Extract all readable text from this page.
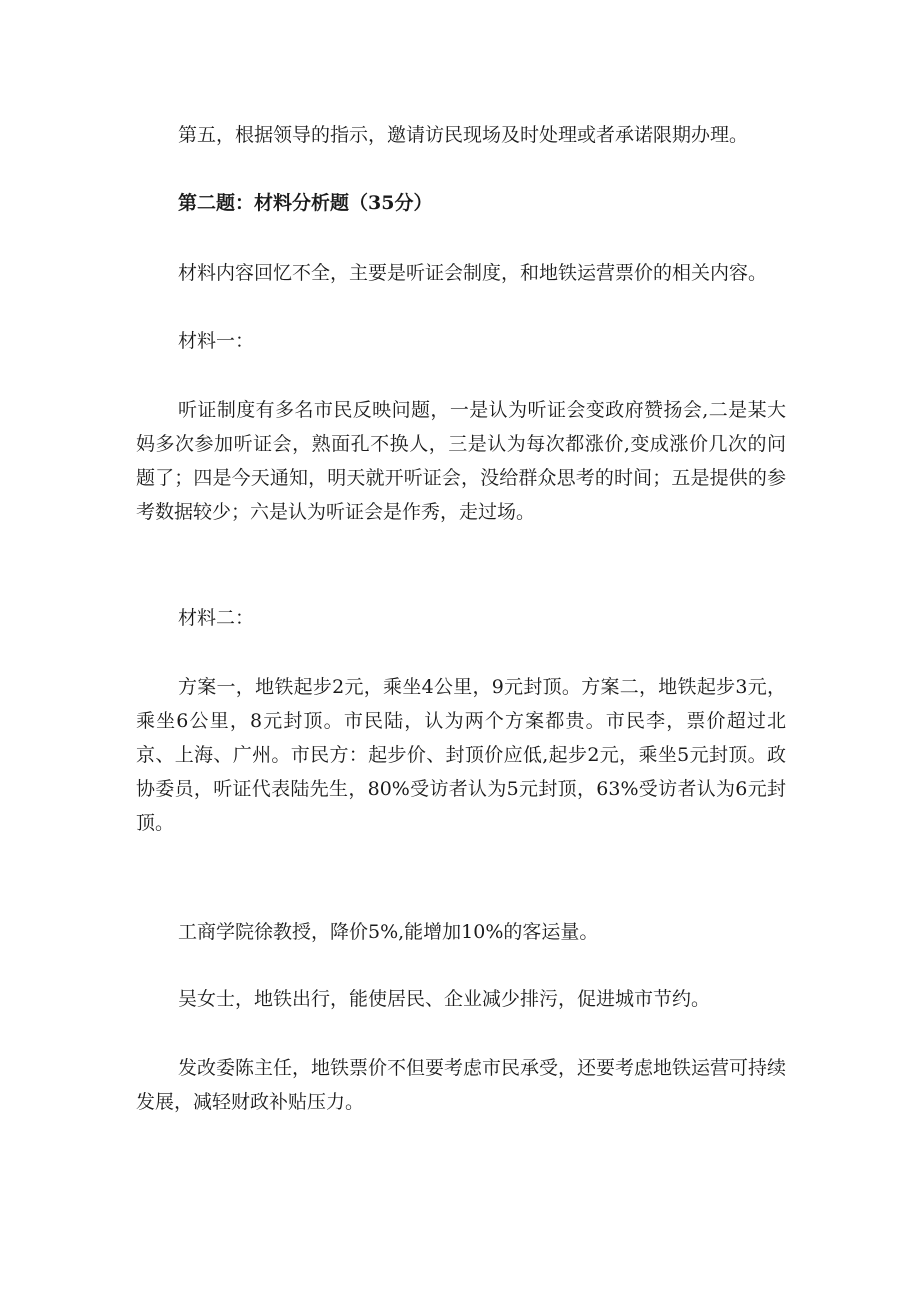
第五，根据领导的指示，邀请访民现场及时处理或者承诺限期办理。

第二题：材料分析题（35分）

材料内容回忆不全，主要是听证会制度，和地铁运营票价的相关内容。

材料一：

听证制度有多名市民反映问题，一是认为听证会变政府赞扬会,二是某大妈多次参加听证会，熟面孔不换人，三是认为每次都涨价,变成涨价几次的问题了；四是今天通知，明天就开听证会，没给群众思考的时间；五是提供的参考数据较少；六是认为听证会是作秀，走过场。

材料二：

方案一，地铁起步2元，乘坐4公里，9元封顶。方案二，地铁起步3元，乘坐6公里，8元封顶。市民陆，认为两个方案都贵。市民李，票价超过北京、上海、广州。市民方：起步价、封顶价应低,起步2元，乘坐5元封顶。政协委员，听证代表陆先生，80%受访者认为5元封顶，63%受访者认为6元封顶。

工商学院徐教授，降价5%,能增加10%的客运量。

吴女士，地铁出行，能使居民、企业减少排污，促进城市节约。

发改委陈主任，地铁票价不但要考虑市民承受，还要考虑地铁运营可持续发展，减轻财政补贴压力。
